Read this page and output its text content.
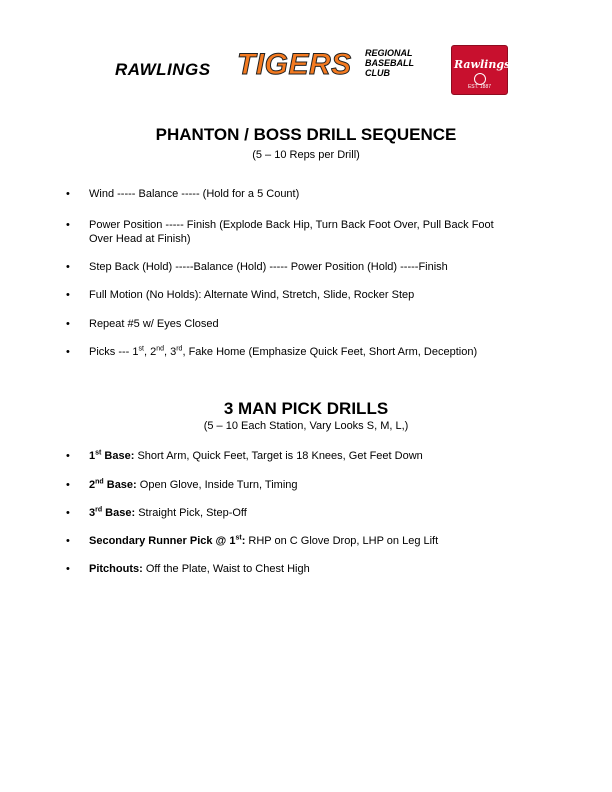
RAWLINGS TIGERS REGIONAL
BASEBALL
CLUB
Rawlings
EST. 1887
PHANTON / BOSS DRILL SEQUENCE
(5 – 10 Reps per Drill)
• Wind ----- Balance ----- (Hold for a 5 Count)
• Power Position ----- Finish (Explode Back Hip, Turn Back Foot Over, Pull Back Foot
Over Head at Finish)
• Step Back (Hold) -----Balance (Hold) ----- Power Position (Hold) -----Finish
• Full Motion (No Holds): Alternate Wind, Stretch, Slide, Rocker Step
• Repeat #5 w/ Eyes Closed
• Picks --- 1st, 2nd, 3rd, Fake Home (Emphasize Quick Feet, Short Arm, Deception)
3 MAN PICK DRILLS
(5 – 10 Each Station, Vary Looks S, M, L,)
• 1st Base: Short Arm, Quick Feet, Target is 18 Knees, Get Feet Down
• 2nd Base: Open Glove, Inside Turn, Timing
• 3rd Base: Straight Pick, Step-Off
• Secondary Runner Pick @ 1st: RHP on C Glove Drop, LHP on Leg Lift
• Pitchouts: Off the Plate, Waist to Chest High
